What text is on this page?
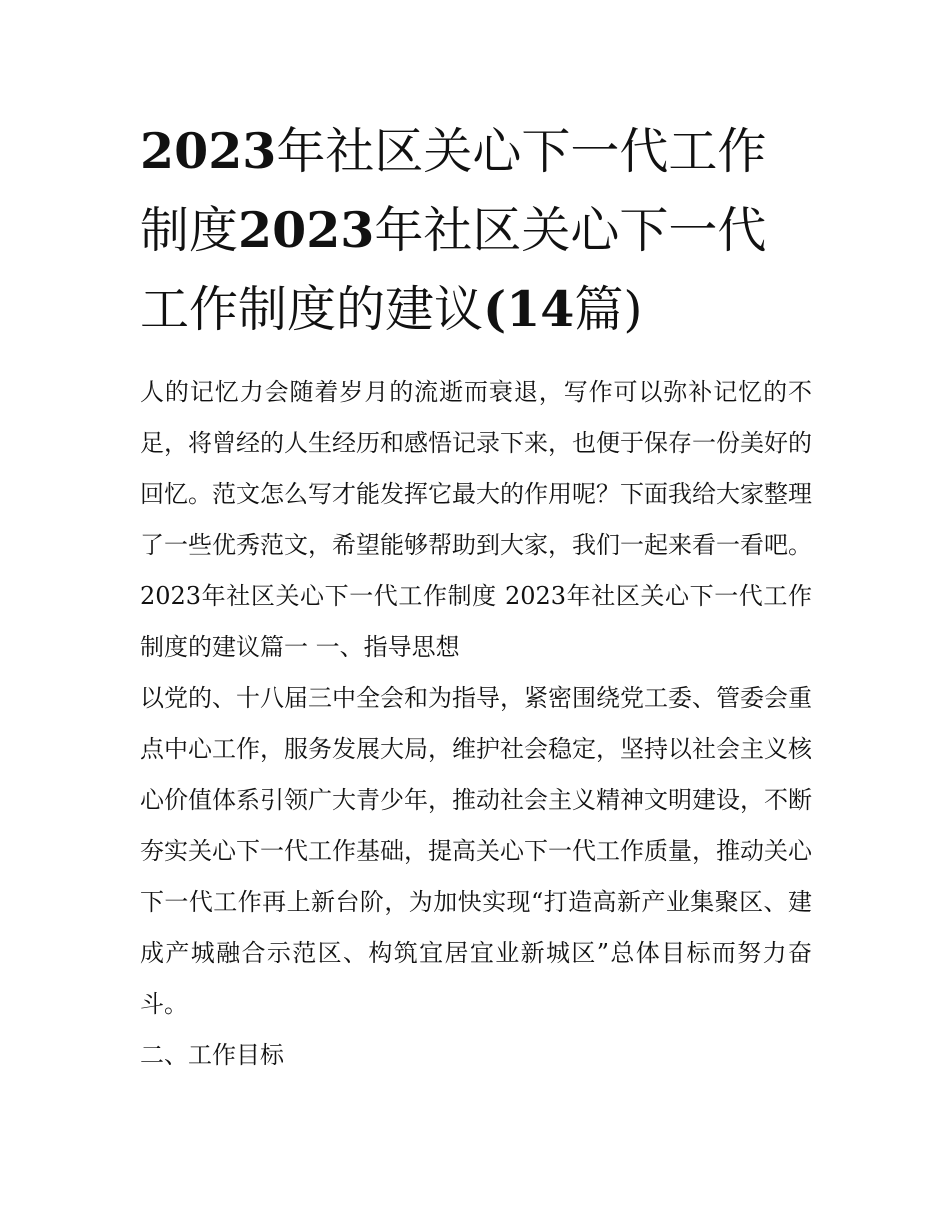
2023年社区关心下一代工作制度2023年社区关心下一代工作制度的建议(14篇)

人的记忆力会随着岁月的流逝而衰退，写作可以弥补记忆的不足，将曾经的人生经历和感悟记录下来，也便于保存一份美好的回忆。范文怎么写才能发挥它最大的作用呢？下面我给大家整理了一些优秀范文，希望能够帮助到大家，我们一起来看一看吧。

2023年社区关心下一代工作制度 2023年社区关心下一代工作制度的建议篇一 一、指导思想

以党的、十八届三中全会和为指导，紧密围绕党工委、管委会重点中心工作，服务发展大局，维护社会稳定，坚持以社会主义核心价值体系引领广大青少年，推动社会主义精神文明建设，不断夯实关心下一代工作基础，提高关心下一代工作质量，推动关心下一代工作再上新台阶，为加快实现“打造高新产业集聚区、建成产城融合示范区、构筑宜居宜业新城区”总体目标而努力奋斗。

二、工作目标
